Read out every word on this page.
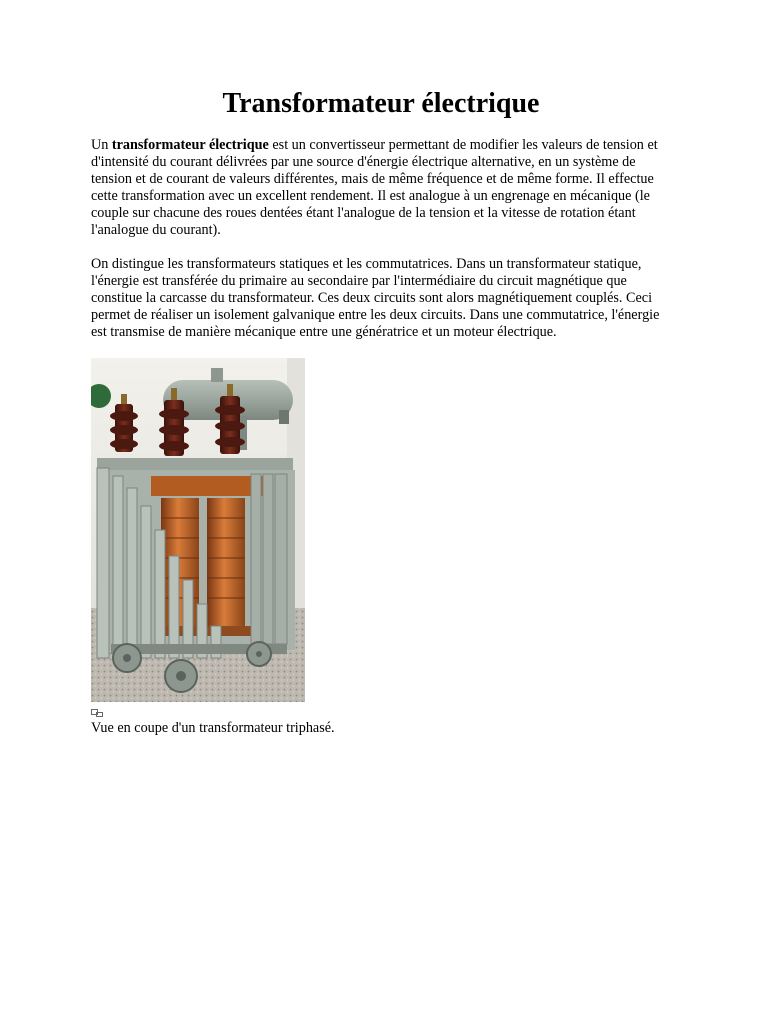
Transformateur électrique

Un transformateur électrique est un convertisseur permettant de modifier les valeurs de tension et d'intensité du courant délivrées par une source d'énergie électrique alternative, en un système de tension et de courant de valeurs différentes, mais de même fréquence et de même forme. Il effectue cette transformation avec un excellent rendement. Il est analogue à un engrenage en mécanique (le couple sur chacune des roues dentées étant l'analogue de la tension et la vitesse de rotation étant l'analogue du courant).

On distingue les transformateurs statiques et les commutatrices. Dans un transformateur statique, l'énergie est transférée du primaire au secondaire par l'intermédiaire du circuit magnétique que constitue la carcasse du transformateur. Ces deux circuits sont alors magnétiquement couplés. Ceci permet de réaliser un isolement galvanique entre les deux circuits. Dans une commutatrice, l'énergie est transmise de manière mécanique entre une génératrice et un moteur électrique.

Vue en coupe d'un transformateur triphasé.
